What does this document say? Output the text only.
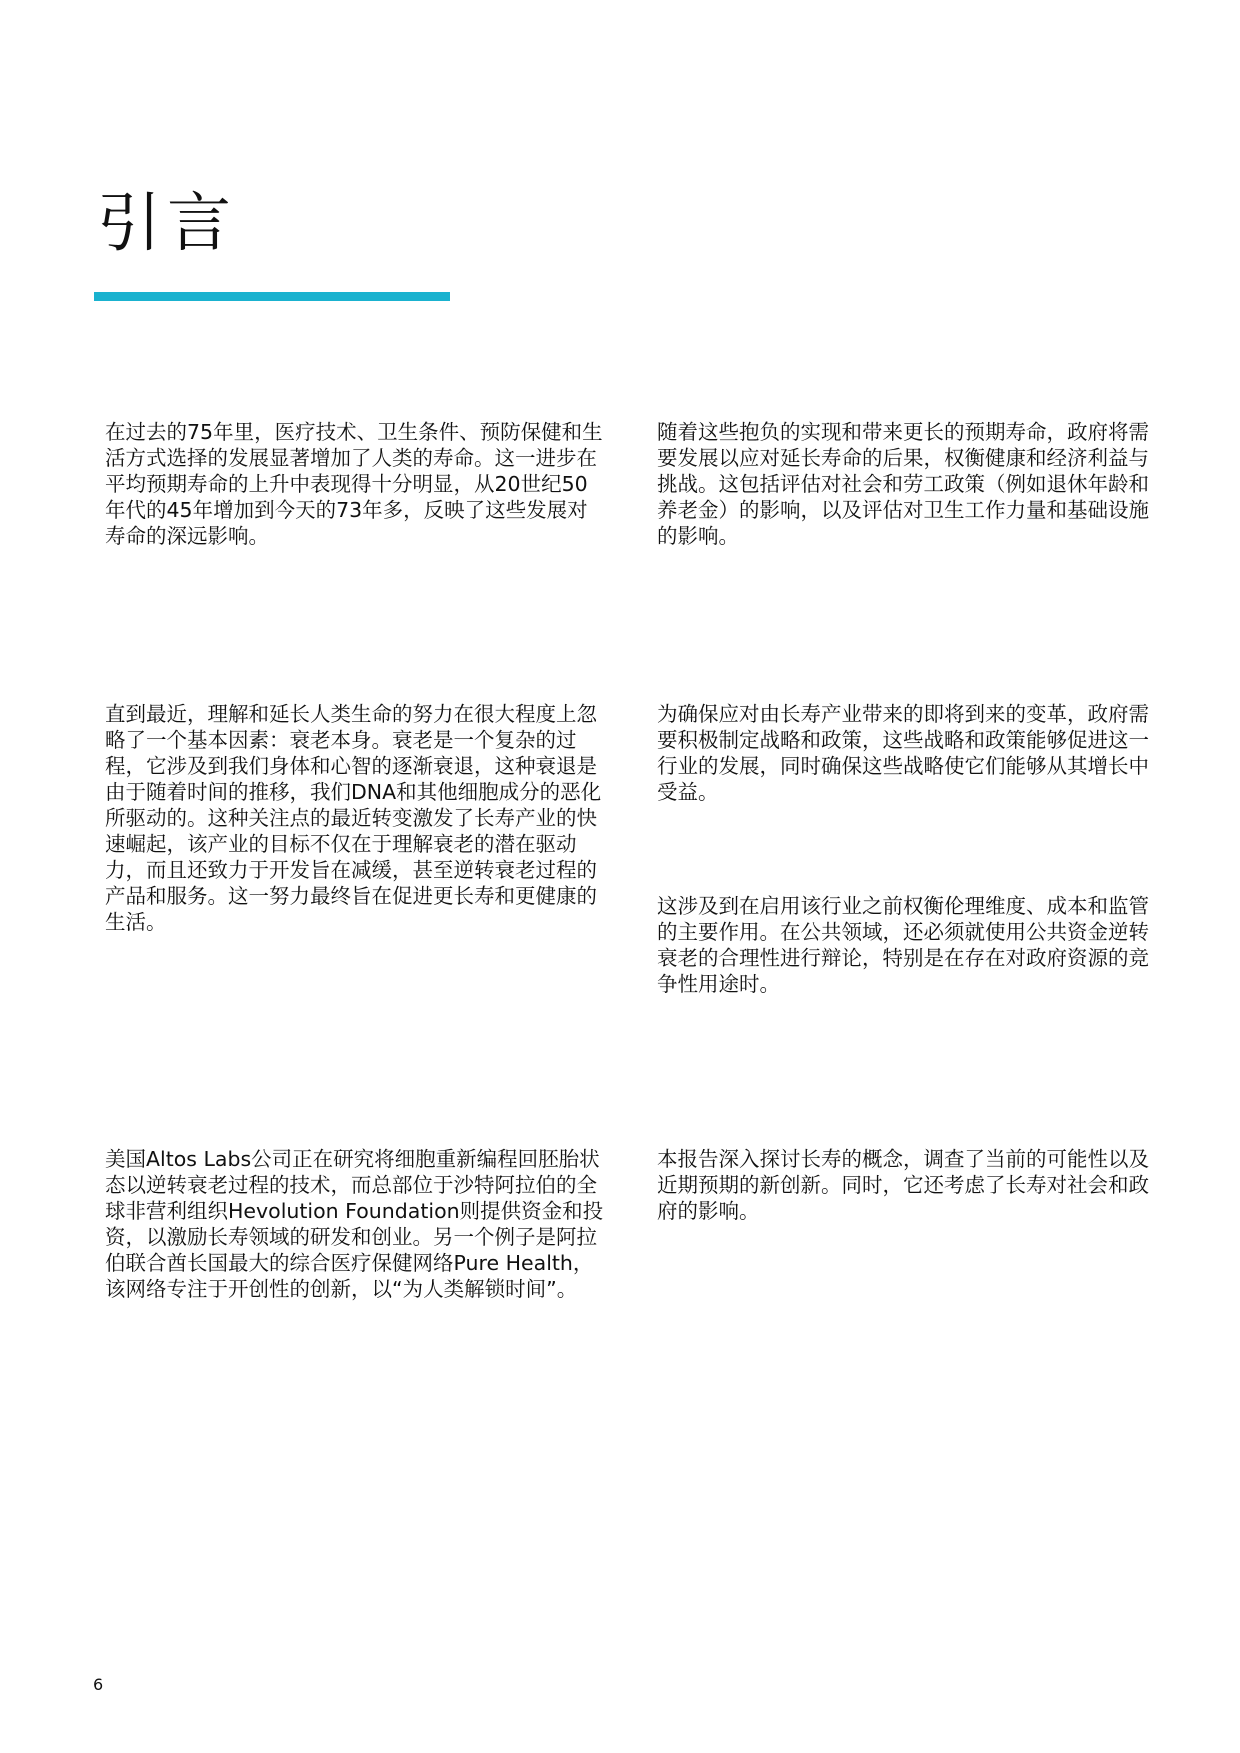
引言

在过去的75年里，医疗技术、卫生条件、预防保健和生活方式选择的发展显著增加了人类的寿命。这一进步在平均预期寿命的上升中表现得十分明显，从20世纪50年代的45年增加到今天的73年多，反映了这些发展对寿命的深远影响。

随着这些抱负的实现和带来更长的预期寿命，政府将需要发展以应对延长寿命的后果，权衡健康和经济利益与挑战。这包括评估对社会和劳工政策（例如退休年龄和养老金）的影响，以及评估对卫生工作力量和基础设施的影响。

直到最近，理解和延长人类生命的努力在很大程度上忽略了一个基本因素：衰老本身。衰老是一个复杂的过程，它涉及到我们身体和心智的逐渐衰退，这种衰退是由于随着时间的推移，我们DNA和其他细胞成分的恶化所驱动的。这种关注点的最近转变激发了长寿产业的快速崛起，该产业的目标不仅在于理解衰老的潜在驱动力，而且还致力于开发旨在减缓，甚至逆转衰老过程的产品和服务。这一努力最终旨在促进更长寿和更健康的生活。

为确保应对由长寿产业带来的即将到来的变革，政府需要积极制定战略和政策，这些战略和政策能够促进这一行业的发展，同时确保这些战略使它们能够从其增长中受益。

这涉及到在启用该行业之前权衡伦理维度、成本和监管的主要作用。在公共领域，还必须就使用公共资金逆转衰老的合理性进行辩论，特别是在存在对政府资源的竞争性用途时。

美国Altos Labs公司正在研究将细胞重新编程回胚胎状态以逆转衰老过程的技术，而总部位于沙特阿拉伯的全球非营利组织Hevolution Foundation则提供资金和投资，以激励长寿领域的研发和创业。另一个例子是阿拉伯联合酋长国最大的综合医疗保健网络Pure Health，该网络专注于开创性的创新，以“为人类解锁时间”。

本报告深入探讨长寿的概念，调查了当前的可能性以及近期预期的新创新。同时，它还考虑了长寿对社会和政府的影响。

6
